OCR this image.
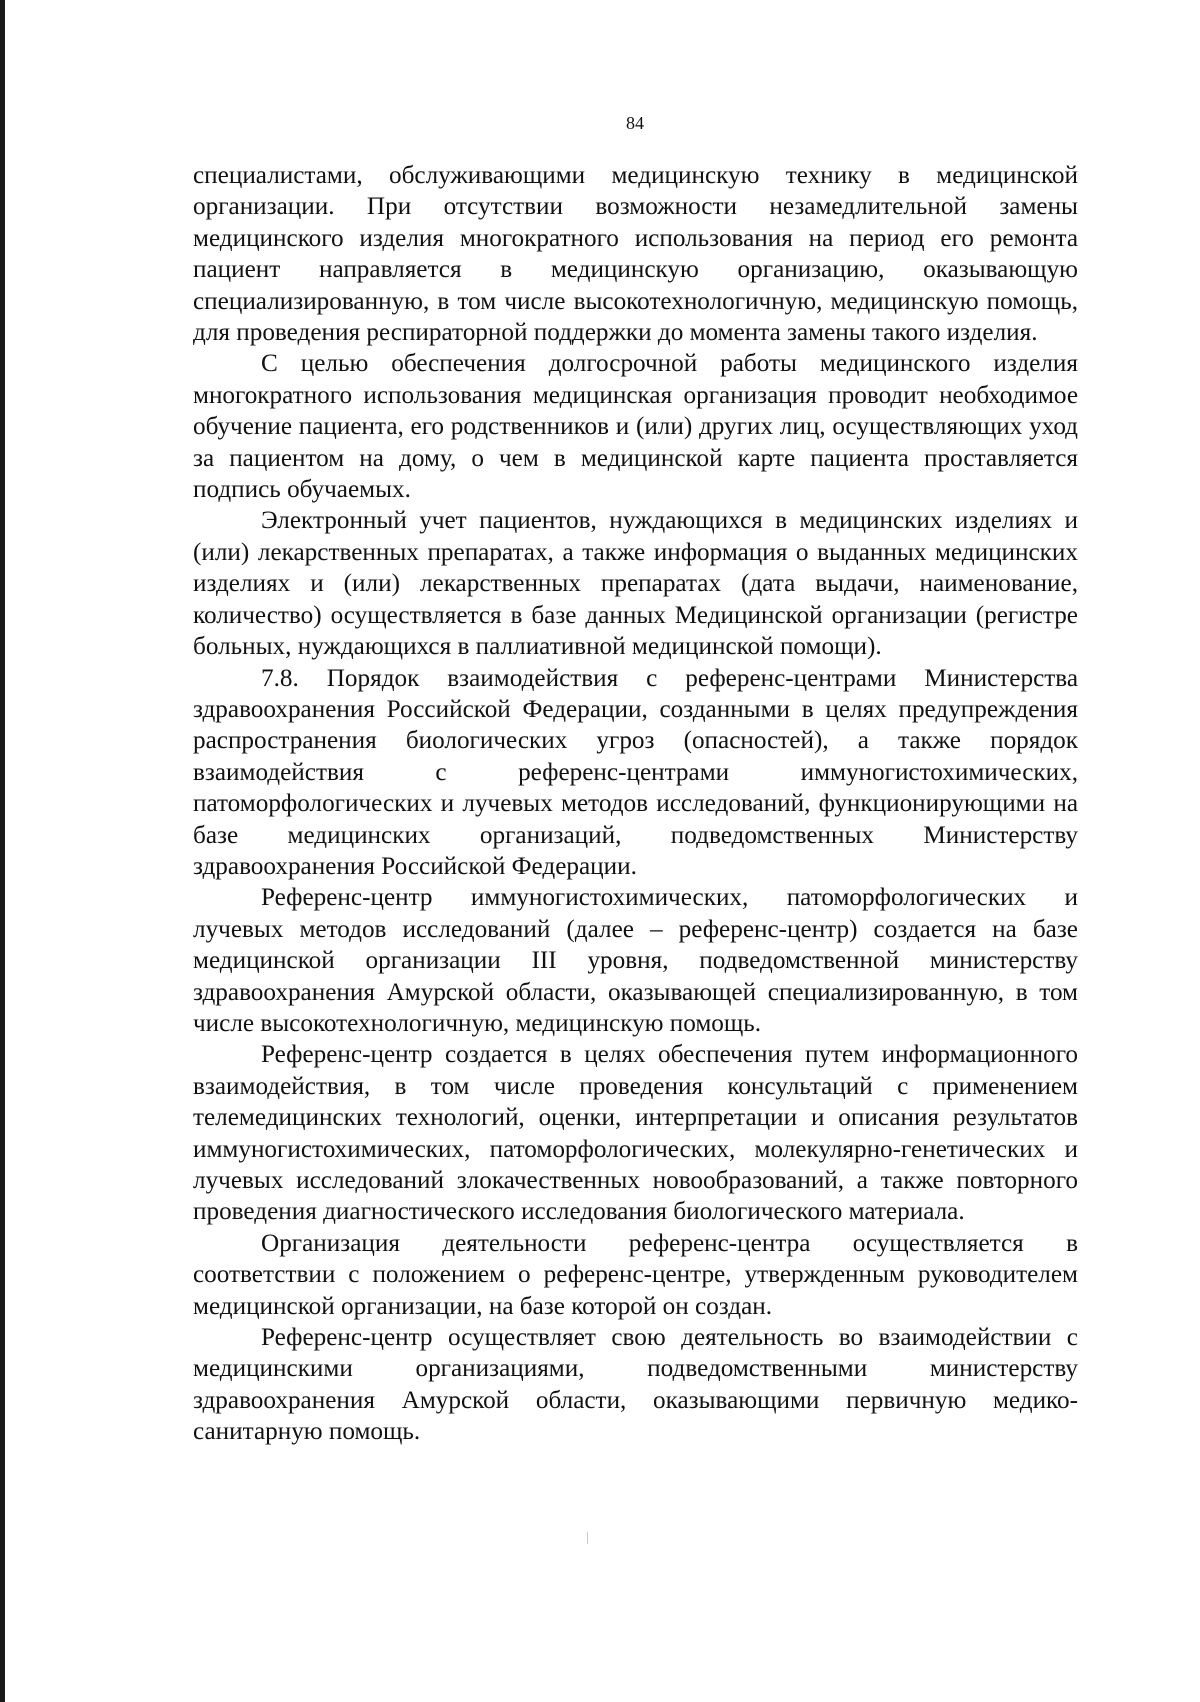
84

специалистами, обслуживающими медицинскую технику в медицинской организации. При отсутствии возможности незамедлительной замены медицинского изделия многократного использования на период его ремонта пациент направляется в медицинскую организацию, оказывающую специализированную, в том числе высокотехнологичную, медицинскую помощь, для проведения респираторной поддержки до момента замены такого изделия.

С целью обеспечения долгосрочной работы медицинского изделия многократного использования медицинская организация проводит необходимое обучение пациента, его родственников и (или) других лиц, осуществляющих уход за пациентом на дому, о чем в медицинской карте пациента проставляется подпись обучаемых.

Электронный учет пациентов, нуждающихся в медицинских изделиях и (или) лекарственных препаратах, а также информация о выданных медицинских изделиях и (или) лекарственных препаратах (дата выдачи, наименование, количество) осуществляется в базе данных Медицинской организации (регистре больных, нуждающихся в паллиативной медицинской помощи).

7.8. Порядок взаимодействия с референс-центрами Министерства здравоохранения Российской Федерации, созданными в целях предупреждения распространения биологических угроз (опасностей), а также порядок взаимодействия с референс-центрами иммуногистохимических, патоморфологических и лучевых методов исследований, функционирующими на базе медицинских организаций, подведомственных Министерству здравоохранения Российской Федерации.

Референс-центр иммуногистохимических, патоморфологических и лучевых методов исследований (далее – референс-центр) создается на базе медицинской организации III уровня, подведомственной министерству здравоохранения Амурской области, оказывающей специализированную, в том числе высокотехнологичную, медицинскую помощь.

Референс-центр создается в целях обеспечения путем информационного взаимодействия, в том числе проведения консультаций с применением телемедицинских технологий, оценки, интерпретации и описания результатов иммуногистохимических, патоморфологических, молекулярно-генетических и лучевых исследований злокачественных новообразований, а также повторного проведения диагностического исследования биологического материала.

Организация деятельности референс-центра осуществляется в соответствии с положением о референс-центре, утвержденным руководителем медицинской организации, на базе которой он создан.

Референс-центр осуществляет свою деятельность во взаимодействии с медицинскими организациями, подведомственными министерству здравоохранения Амурской области, оказывающими первичную медико-санитарную помощь.
